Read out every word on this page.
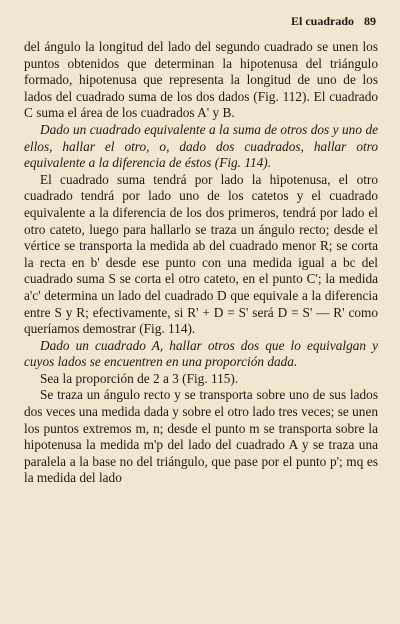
El cuadrado 89

del ángulo la longitud del lado del segundo cuadrado se unen los puntos obtenidos que determinan la hipotenusa del triángulo formado, hipotenusa que representa la longitud de uno de los lados del cuadrado suma de los dos dados (Fig. 112). El cuadrado C suma el área de los cuadrados A' y B.

Dado un cuadrado equivalente a la suma de otros dos y uno de ellos, hallar el otro, o, dado dos cuadrados, hallar otro equivalente a la diferencia de éstos (Fig. 114).

El cuadrado suma tendrá por lado la hipotenusa, el otro cuadrado tendrá por lado uno de los catetos y el cuadrado equivalente a la diferencia de los dos primeros, tendrá por lado el otro cateto, luego para hallarlo se traza un ángulo recto; desde el vértice se transporta la medida ab del cuadrado menor R; se corta la recta en b' desde ese punto con una medida igual a bc del cuadrado suma S se corta el otro cateto, en el punto C'; la medida a'c' determina un lado del cuadrado D que equivale a la diferencia entre S y R; efectivamente, si R' + D = S' será D = S' — R' como queríamos demostrar (Fig. 114).

Dado un cuadrado A, hallar otros dos que lo equivalgan y cuyos lados se encuentren en una proporción dada.

Sea la proporción de 2 a 3 (Fig. 115).

Se traza un ángulo recto y se transporta sobre uno de sus lados dos veces una medida dada y sobre el otro lado tres veces; se unen los puntos extremos m, n; desde el punto m se transporta sobre la hipotenusa la medida m'p del lado del cuadrado A y se traza una paralela a la base no del triángulo, que pase por el punto p'; mq es la medida del lado
